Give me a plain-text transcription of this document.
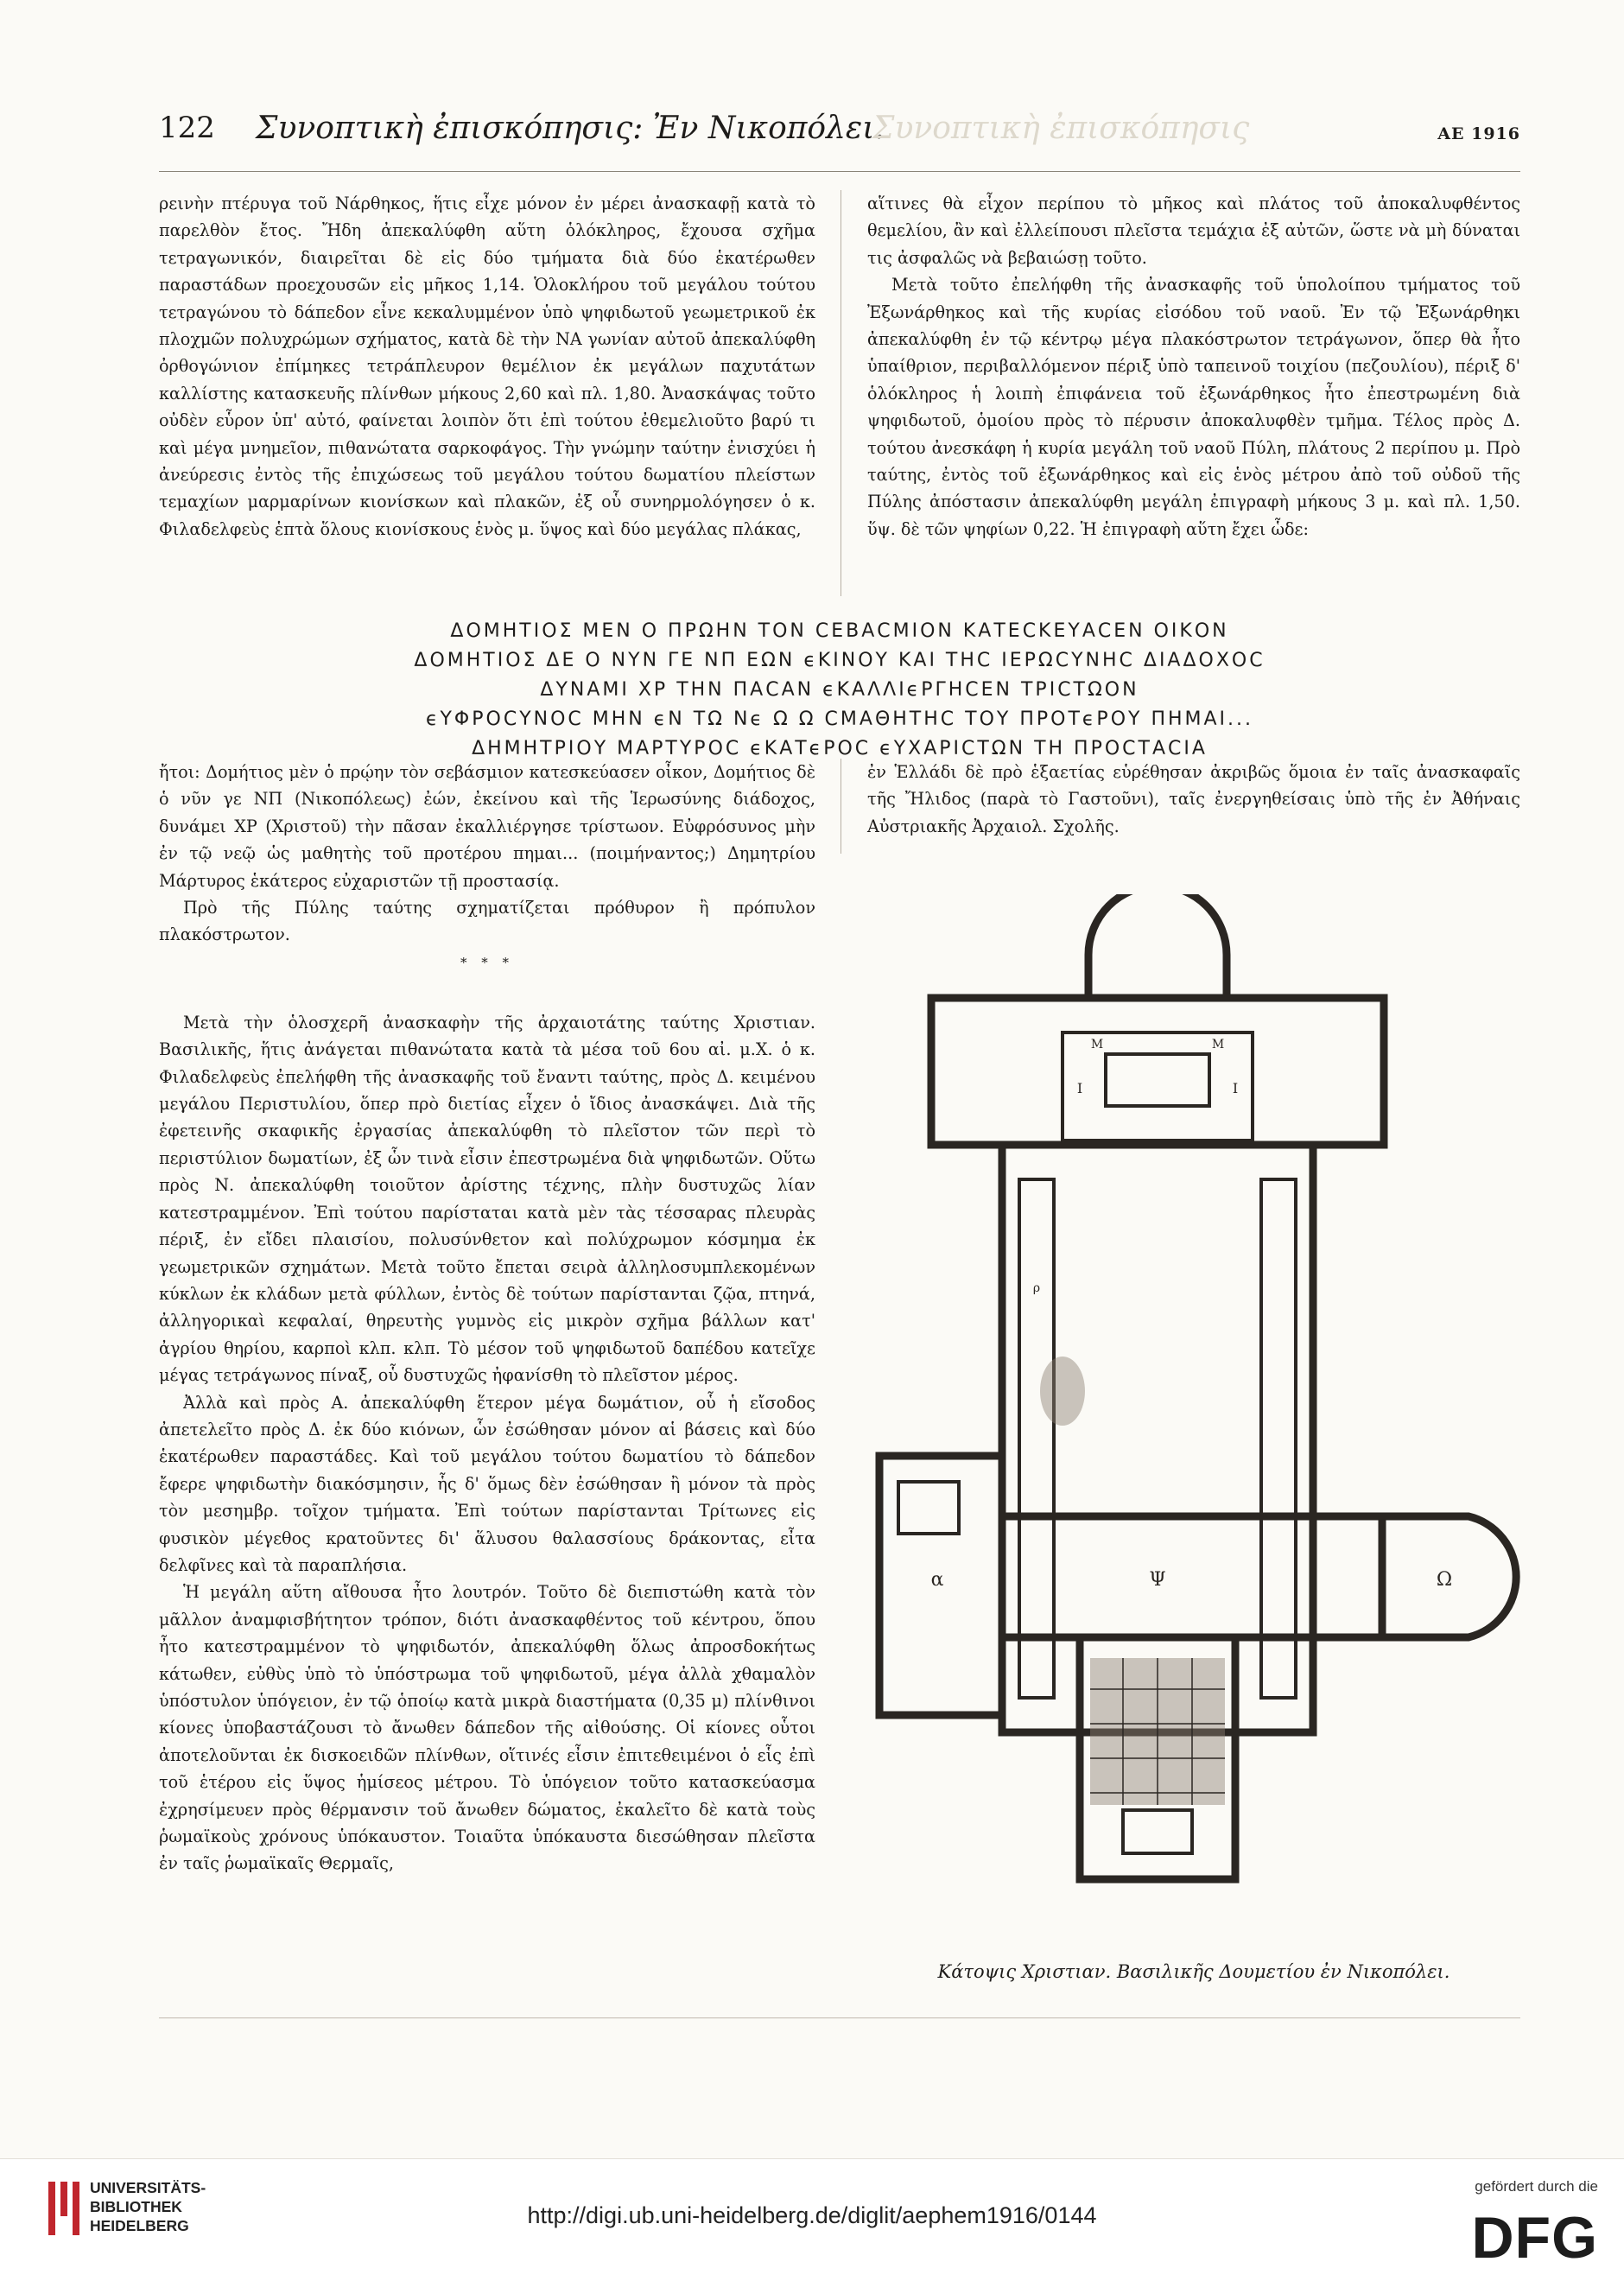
122 Συνοπτικὴ ἐπισκόπησις: Ἐν Νικοπόλει.	ΑΕ 1916
Συνοπτικὴ ἐπισκόπησις

ρεινὴν πτέρυγα τοῦ Νάρθηκος, ἥτις εἶχε μόνον ἐν μέρει ἀνασκαφῇ κατὰ τὸ παρελθὸν ἔτος. Ἤδη ἀπεκαλύφθη αὕτη ὁλόκληρος, ἔχουσα σχῆμα τετραγωνικόν, διαιρεῖται δὲ εἰς δύο τμήματα διὰ δύο ἑκατέρωθεν παραστάδων προεχουσῶν εἰς μῆκος 1,14. Ὁλοκλήρου τοῦ μεγάλου τούτου τετραγώνου τὸ δάπεδον εἶνε κεκαλυμμένον ὑπὸ ψηφιδωτοῦ γεωμετρικοῦ ἐκ πλοχμῶν πολυχρώμων σχήματος, κατὰ δὲ τὴν ΝΑ γωνίαν αὐτοῦ ἀπεκαλύφθη ὀρθογώνιον ἐπίμηκες τετράπλευρον θεμέλιον ἐκ μεγάλων παχυτάτων καλλίστης κατασκευῆς πλίνθων μήκους 2,60 καὶ πλ. 1,80. Ἀνασκάψας τοῦτο οὐδὲν εὗρον ὑπ' αὐτό, φαίνεται λοιπὸν ὅτι ἐπὶ τούτου ἐθεμελιοῦτο βαρύ τι καὶ μέγα μνημεῖον, πιθανώτατα σαρκοφάγος. Τὴν γνώμην ταύτην ἐνισχύει ἡ ἀνεύρεσις ἐντὸς τῆς ἐπιχώσεως τοῦ μεγάλου τούτου δωματίου πλείστων τεμαχίων μαρμαρίνων κιονίσκων καὶ πλακῶν, ἐξ οὗ συνηρμολόγησεν ὁ κ. Φιλαδελφεὺς ἑπτὰ ὅλους κιονίσκους ἑνὸς μ. ὕψος καὶ δύο μεγάλας πλάκας,

αἵτινες θὰ εἶχον περίπου τὸ μῆκος καὶ πλάτος τοῦ ἀποκαλυφθέντος θεμελίου, ἂν καὶ ἐλλείπουσι πλεῖστα τεμάχια ἐξ αὐτῶν, ὥστε νὰ μὴ δύναται τις ἀσφαλῶς νὰ βεβαιώσῃ τοῦτο.

Μετὰ τοῦτο ἐπελήφθη τῆς ἀνασκαφῆς τοῦ ὑπολοίπου τμήματος τοῦ Ἐξωνάρθηκος καὶ τῆς κυρίας εἰσόδου τοῦ ναοῦ. Ἐν τῷ Ἐξωνάρθηκι ἀπεκαλύφθη ἐν τῷ κέντρῳ μέγα πλακόστρωτον τετράγωνον, ὅπερ θὰ ἦτο ὑπαίθριον, περιβαλλόμενον πέριξ ὑπὸ ταπεινοῦ τοιχίου (πεζουλίου), πέριξ δ' ὁλόκληρος ἡ λοιπὴ ἐπιφάνεια τοῦ ἐξωνάρθηκος ἦτο ἐπεστρωμένη διὰ ψηφιδωτοῦ, ὁμοίου πρὸς τὸ πέρυσιν ἀποκαλυφθὲν τμῆμα. Τέλος πρὸς Δ. τούτου ἀνεσκάφη ἡ κυρία μεγάλη τοῦ ναοῦ Πύλη, πλάτους 2 περίπου μ. Πρὸ ταύτης, ἐντὸς τοῦ ἐξωνάρθηκος καὶ εἰς ἑνὸς μέτρου ἀπὸ τοῦ οὐδοῦ τῆς Πύλης ἀπόστασιν ἀπεκαλύφθη μεγάλη ἐπιγραφὴ μήκους 3 μ. καὶ πλ. 1,50. ὕψ. δὲ τῶν ψηφίων 0,22. Ἡ ἐπιγραφὴ αὕτη ἔχει ὧδε:

ΔΟΜΗΤΙΟΣ ΜΕΝ Ο ΠΡΩΗΝ ΤΟΝ ϹΕΒΑϹΜΙΟΝ ΚΑΤΕϹΚΕΥΑϹΕΝ ΟΙΚΟΝ
ΔΟΜΗΤΙΟΣ ΔΕ Ο ΝΥΝ ΓΕ ΝΠ ΕΩΝ ϵΚΙΝΟΥ ΚΑΙ ΤΗϹ ΙΕΡΩϹΥΝΗϹ ΔΙΑΔΟΧΟϹ
ΔΥΝΑΜΙ ΧΡ ΤΗΝ ΠΑϹΑΝ ϵΚΑΛΛΙϵΡΓΗϹΕΝ ΤΡΙϹΤΩΟΝ
ϵΥΦΡΟϹΥΝΟϹ ΜΗΝ ϵΝ ΤΩ Νϵ Ω Ω ϹΜΑΘΗΤΗϹ ΤΟΥ ΠΡΟΤϵΡΟΥ ΠΗΜΑΙ...
ΔΗΜΗΤΡΙΟΥ ΜΑΡΤΥΡΟϹ ϵΚΑΤϵΡΟϹ ϵΥΧΑΡΙϹΤΩΝ ΤΗ ΠΡΟϹΤΑϹΙΑ

ἤτοι: Δομήτιος μὲν ὁ πρῴην τὸν σεβάσμιον κατεσκεύασεν οἶκον, Δομήτιος δὲ ὁ νῦν γε ΝΠ (Νικοπόλεως) ἐών, ἐκείνου καὶ τῆς Ἱερωσύνης διάδοχος, δυνάμει ΧΡ (Χριστοῦ) τὴν πᾶσαν ἐκαλλιέργησε τρίστωον. Εὐφρόσυνος μὴν ἐν τῷ νεῷ ὡς μαθητὴς τοῦ προτέρου πημαι... (ποιμήναντος;) Δημητρίου Μάρτυρος ἑκάτερος εὐχαριστῶν τῇ προστασίᾳ.

Πρὸ τῆς Πύλης ταύτης σχηματίζεται πρόθυρον ἢ πρόπυλον πλακόστρωτον.

* * *

Μετὰ τὴν ὁλοσχερῆ ἀνασκαφὴν τῆς ἀρχαιοτάτης ταύτης Χριστιαν. Βασιλικῆς, ἥτις ἀνάγεται πιθανώτατα κατὰ τὰ μέσα τοῦ 6ου αἰ. μ.Χ. ὁ κ. Φιλαδελφεὺς ἐπελήφθη τῆς ἀνασκαφῆς τοῦ ἔναντι ταύτης, πρὸς Δ. κειμένου μεγάλου Περιστυλίου, ὅπερ πρὸ διετίας εἶχεν ὁ ἴδιος ἀνασκάψει. Διὰ τῆς ἐφετεινῆς σκαφικῆς ἐργασίας ἀπεκαλύφθη τὸ πλεῖστον τῶν περὶ τὸ περιστύλιον δωματίων, ἐξ ὧν τινὰ εἶσιν ἐπεστρωμένα διὰ ψηφιδωτῶν. Οὕτω πρὸς Ν. ἀπεκαλύφθη τοιοῦτον ἀρίστης τέχνης, πλὴν δυστυχῶς λίαν κατεστραμμένον. Ἐπὶ τούτου παρίσταται κατὰ μὲν τὰς τέσσαρας πλευρὰς πέριξ, ἐν εἴδει πλαισίου, πολυσύνθετον καὶ πολύχρωμον κόσμημα ἐκ γεωμετρικῶν σχημάτων. Μετὰ τοῦτο ἔπεται σειρὰ ἀλληλοσυμπλεκομένων κύκλων ἐκ κλάδων μετὰ φύλλων, ἐντὸς δὲ τούτων παρίστανται ζῷα, πτηνά, ἀλληγορικαὶ κεφαλαί, θηρευτὴς γυμνὸς εἰς μικρὸν σχῆμα βάλλων κατ' ἀγρίου θηρίου, καρποὶ κλπ. κλπ. Τὸ μέσον τοῦ ψηφιδωτοῦ δαπέδου κατεῖχε μέγας τετράγωνος πίναξ, οὗ δυστυχῶς ἠφανίσθη τὸ πλεῖστον μέρος.

Ἀλλὰ καὶ πρὸς Α. ἀπεκαλύφθη ἕτερον μέγα δωμάτιον, οὗ ἡ εἴσοδος ἀπετελεῖτο πρὸς Δ. ἐκ δύο κιόνων, ὧν ἐσώθησαν μόνον αἱ βάσεις καὶ δύο ἑκατέρωθεν παραστάδες. Καὶ τοῦ μεγάλου τούτου δωματίου τὸ δάπεδον ἔφερε ψηφιδωτὴν διακόσμησιν, ἧς δ' ὅμως δὲν ἐσώθησαν ἢ μόνον τὰ πρὸς τὸν μεσημβρ. τοῖχον τμήματα. Ἐπὶ τούτων παρίστανται Τρίτωνες εἰς φυσικὸν μέγεθος κρατοῦντες δι' ἅλυσου θαλασσίους δράκοντας, εἶτα δελφῖνες καὶ τὰ παραπλήσια.

Ἡ μεγάλη αὕτη αἴθουσα ἦτο λουτρόν. Τοῦτο δὲ διεπιστώθη κατὰ τὸν μᾶλλον ἀναμφισβήτητον τρόπον, διότι ἀνασκαφθέντος τοῦ κέντρου, ὅπου ἦτο κατεστραμμένον τὸ ψηφιδωτόν, ἀπεκαλύφθη ὅλως ἀπροσδοκήτως κάτωθεν, εὐθὺς ὑπὸ τὸ ὑπόστρωμα τοῦ ψηφιδωτοῦ, μέγα ἀλλὰ χθαμαλὸν ὑπόστυλον ὑπόγειον, ἐν τῷ ὁποίῳ κατὰ μικρὰ διαστήματα (0,35 μ) πλίνθινοι κίονες ὑποβαστάζουσι τὸ ἄνωθεν δάπεδον τῆς αἰθούσης. Οἱ κίονες οὗτοι ἀποτελοῦνται ἐκ δισκοειδῶν πλίνθων, οἵτινές εἶσιν ἐπιτεθειμένοι ὁ εἷς ἐπὶ τοῦ ἑτέρου εἰς ὕψος ἡμίσεος μέτρου. Τὸ ὑπόγειον τοῦτο κατασκεύασμα ἐχρησίμευεν πρὸς θέρμανσιν τοῦ ἄνωθεν δώματος, ἐκαλεῖτο δὲ κατὰ τοὺς ῥωμαϊκοὺς χρόνους ὑπόκαυστον. Τοιαῦτα ὑπόκαυστα διεσώθησαν πλεῖστα ἐν ταῖς ῥωμαϊκαῖς Θερμαῖς,

ἐν Ἑλλάδι δὲ πρὸ ἑξαετίας εὑρέθησαν ἀκριβῶς ὅμοια ἐν ταῖς ἀνασκαφαῖς τῆς Ἤλιδος (παρὰ τὸ Γαστοῦνι), ταῖς ἐνεργηθείσαις ὑπὸ τῆς ἐν Ἀθήναις Αὐστριακῆς Ἀρχαιολ. Σχολῆς.

α	Ψ	Ω
ρ
Μ	Μ
Ι	Ι
Κάτοψις Χριστιαν. Βασιλικῆς Δουμετίου ἐν Νικοπόλει.
UNIVERSITÄTS-
BIBLIOTHEK
HEIDELBERG	http://digi.ub.uni-heidelberg.de/diglit/aephem1916/0144
gefördert durch die
DFG
